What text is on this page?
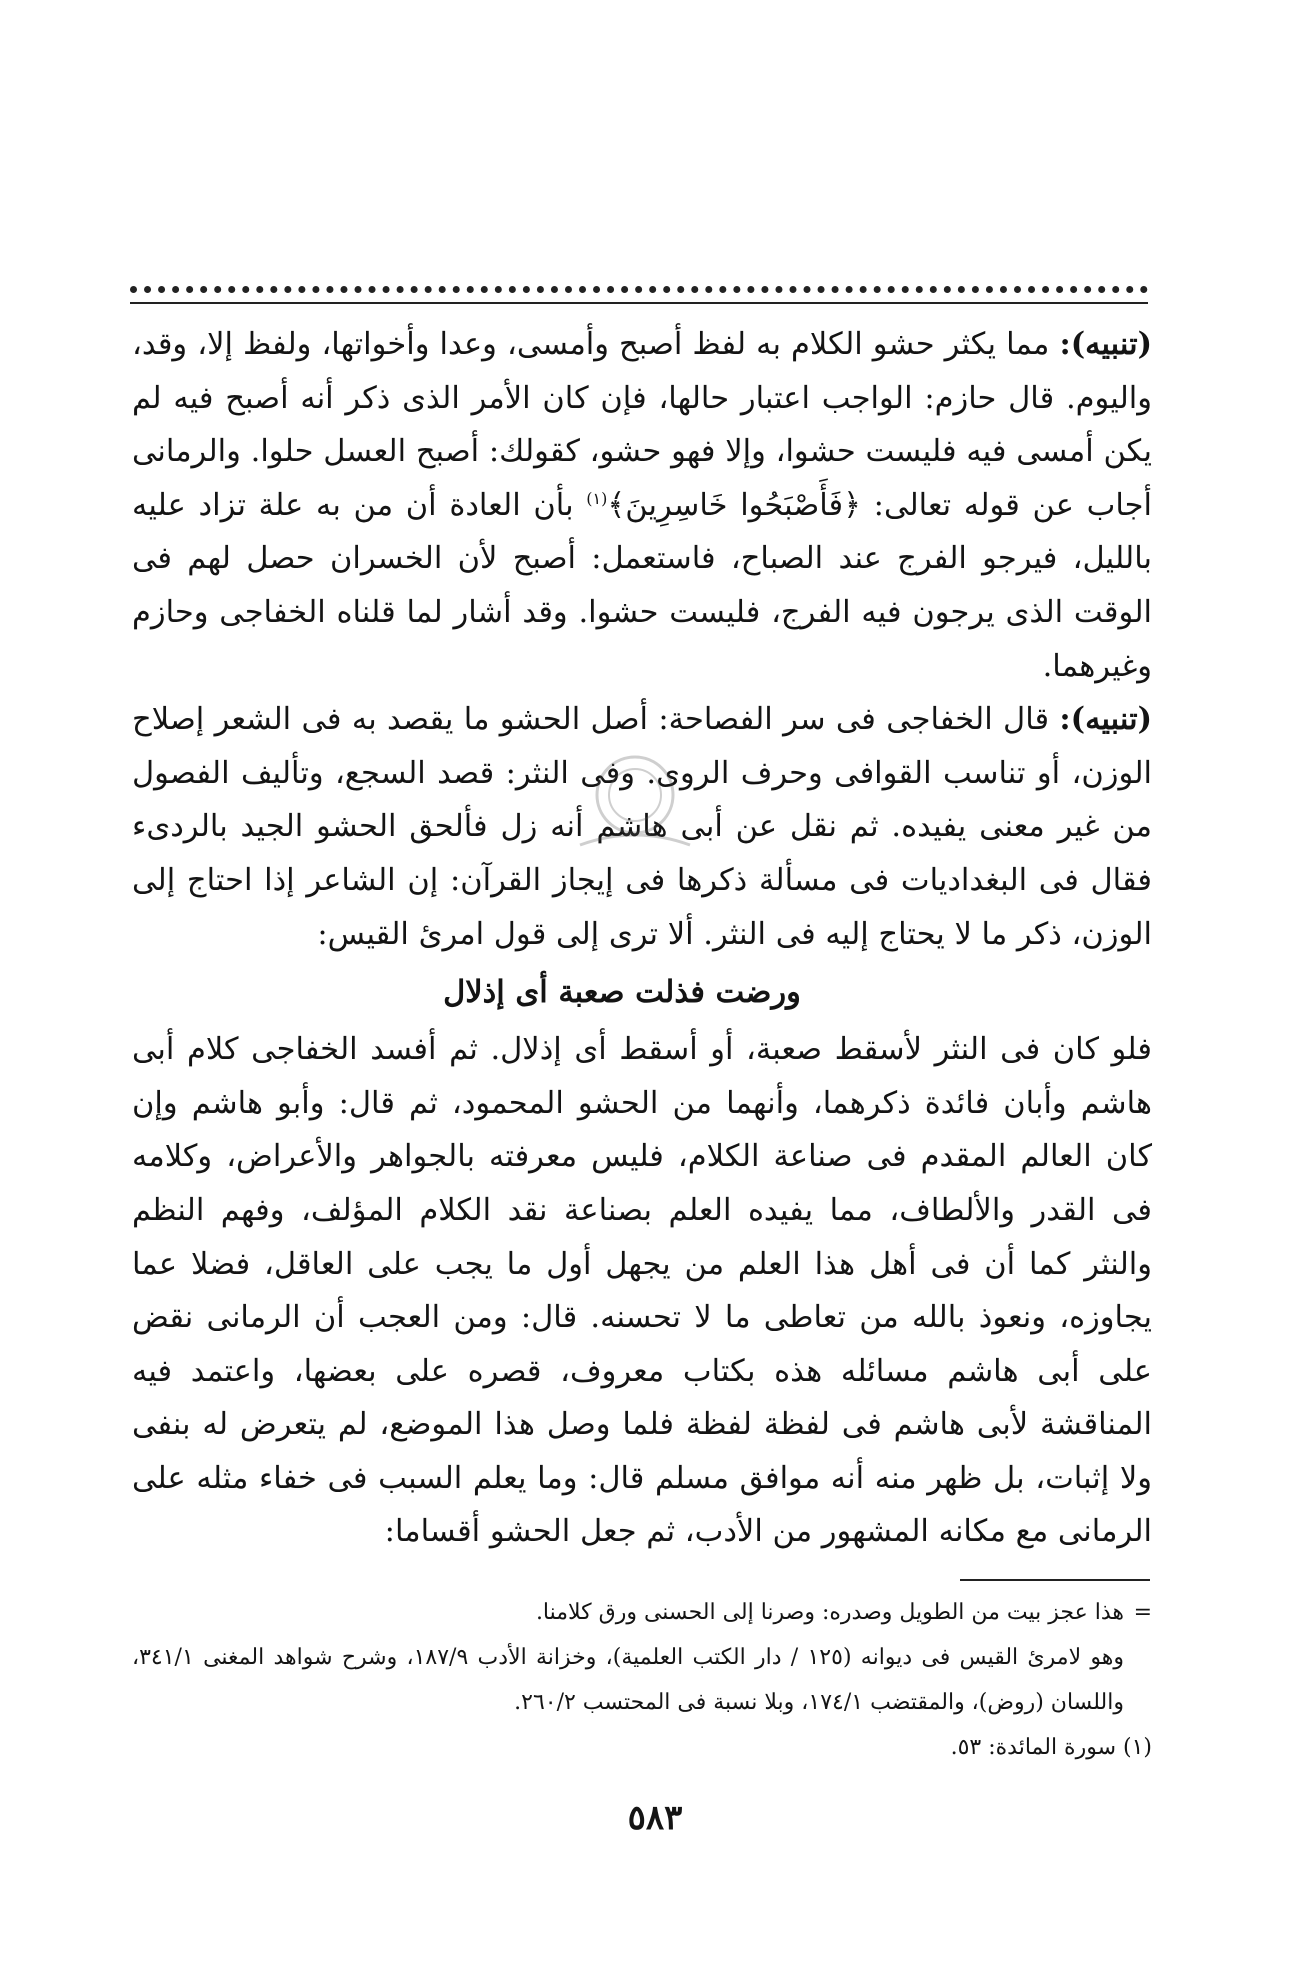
(تنبيه): مما يكثر حشو الكلام به لفظ أصبح وأمسى، وعدا وأخواتها، ولفظ إلا، وقد، واليوم. قال حازم: الواجب اعتبار حالها، فإن كان الأمر الذى ذكر أنه أصبح فيه لم يكن أمسى فيه فليست حشوا، وإلا فهو حشو، كقولك: أصبح العسل حلوا. والرمانى أجاب عن قوله تعالى: ﴿فَأَصْبَحُوا خَاسِرِينَ﴾$^{(١)}$ بأن العادة أن من به علة تزاد عليه بالليل، فيرجو الفرج عند الصباح، فاستعمل: أصبح لأن الخسران حصل لهم فى الوقت الذى يرجون فيه الفرج، فليست حشوا. وقد أشار لما قلناه الخفاجى وحازم وغيرهما.

(تنبيه): قال الخفاجى فى سر الفصاحة: أصل الحشو ما يقصد به فى الشعر إصلاح الوزن، أو تناسب القوافى وحرف الروى. وفى النثر: قصد السجع، وتأليف الفصول من غير معنى يفيده. ثم نقل عن أبى هاشم أنه زل فألحق الحشو الجيد بالردىء فقال فى البغداديات فى مسألة ذكرها فى إيجاز القرآن: إن الشاعر إذا احتاج إلى الوزن، ذكر ما لا يحتاج إليه فى النثر. ألا ترى إلى قول امرئ القيس:

ورضت فذلت صعبة أى إذلال

فلو كان فى النثر لأسقط صعبة، أو أسقط أى إذلال. ثم أفسد الخفاجى كلام أبى هاشم وأبان فائدة ذكرهما، وأنهما من الحشو المحمود، ثم قال: وأبو هاشم وإن كان العالم المقدم فى صناعة الكلام، فليس معرفته بالجواهر والأعراض، وكلامه فى القدر والألطاف، مما يفيده العلم بصناعة نقد الكلام المؤلف، وفهم النظم والنثر كما أن فى أهل هذا العلم من يجهل أول ما يجب على العاقل، فضلا عما يجاوزه، ونعوذ بالله من تعاطى ما لا تحسنه. قال: ومن العجب أن الرمانى نقض على أبى هاشم مسائله هذه بكتاب معروف، قصره على بعضها، واعتمد فيه المناقشة لأبى هاشم فى لفظة لفظة فلما وصل هذا الموضع، لم يتعرض له بنفى ولا إثبات، بل ظهر منه أنه موافق مسلم قال: وما يعلم السبب فى خفاء مثله على الرمانى مع مكانه المشهور من الأدب، ثم جعل الحشو أقساما:

=
هذا عجز بيت من الطويل وصدره: وصرنا إلى الحسنى ورق كلامنا.

وهو لامرئ القيس فى ديوانه (١٢٥ / دار الكتب العلمية)، وخزانة الأدب ١٨٧/٩، وشرح شواهد المغنى ٣٤١/١، واللسان (روض)، والمقتضب ١٧٤/١، وبلا نسبة فى المحتسب ٢٦٠/٢.

(١) سورة المائدة: ٥٣.

٥٨٣
